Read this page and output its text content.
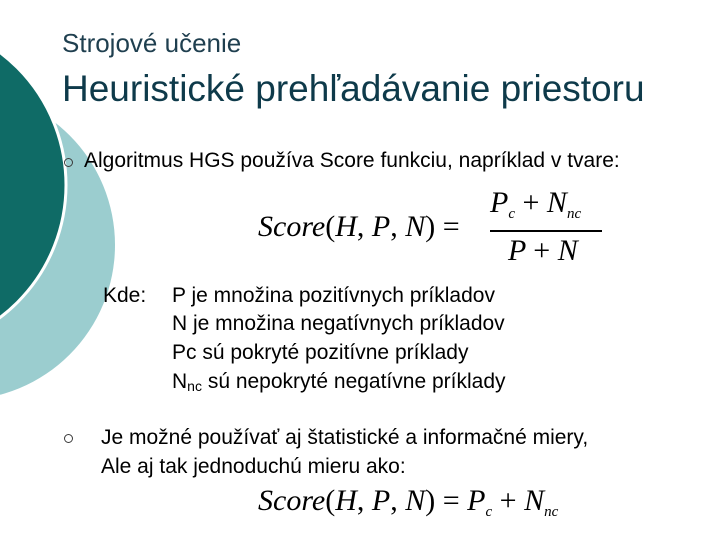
Strojové učenie
Heuristické prehľadávanie priestoru
Algoritmus HGS používa Score funkciu, napríklad v tvare:
Score(H, P, N) =
$P_c + N_{nc}$
P + N
Kde: P je množina pozitívnych príkladov
N je množina negatívnych príkladov
Pc sú pokryté pozitívne príklady
$N_{nc}$ sú nepokryté negatívne príklady
Je možné používať aj štatistické a informačné miery,
Ale aj tak jednoduchú mieru ako:
Score(H, P, $N) = P_c + N_{nc}$
